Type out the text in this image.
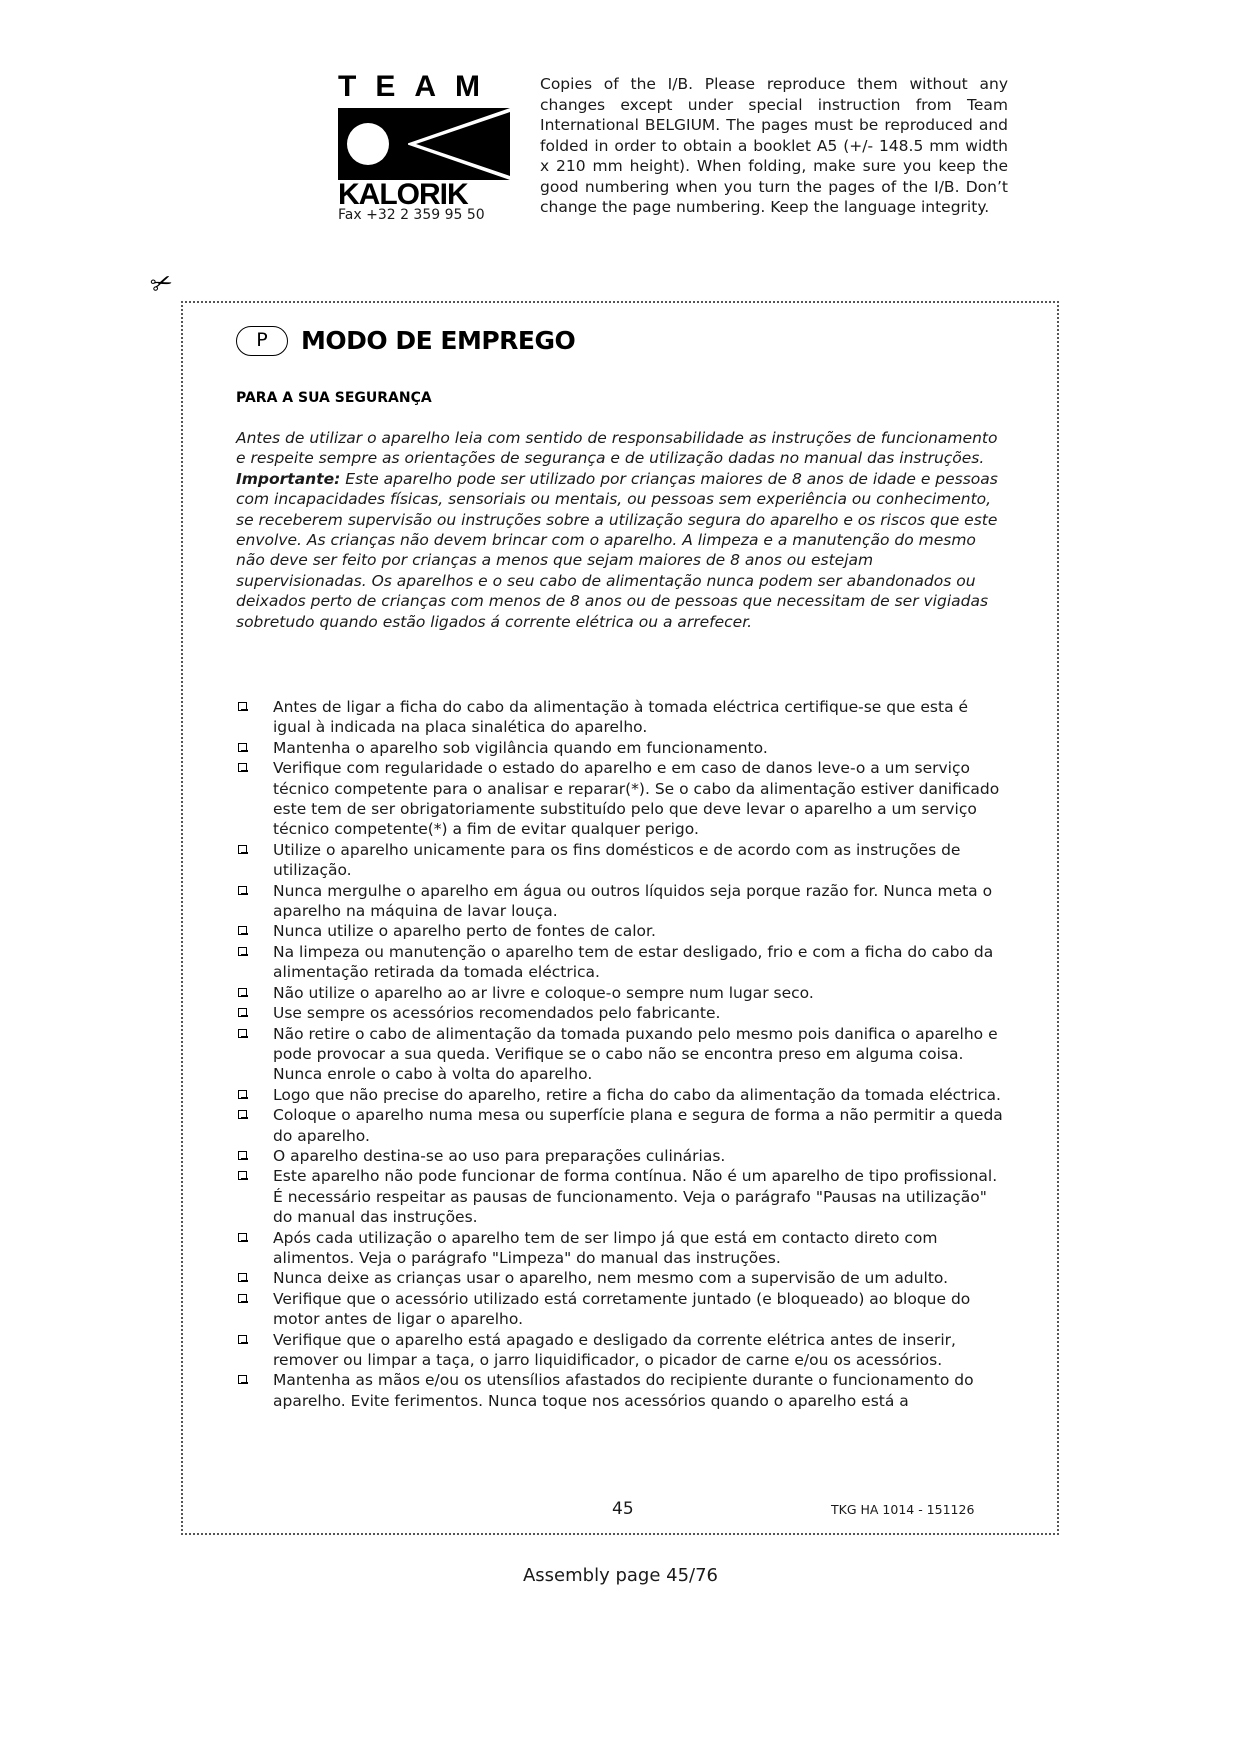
TEAM
KALORIK
Fax +32 2 359 95 50
Copies of the I/B. Please reproduce them without any changes except under special instruction from Team International BELGIUM. The pages must be reproduced and folded in order to obtain a booklet A5 (+/- 148.5 mm width x 210 mm height). When folding, make sure you keep the good numbering when you turn the pages of the I/B. Don’t change the page numbering. Keep the language integrity.
✂
P	MODO DE EMPREGO
PARA A SUA SEGURANÇA

Antes de utilizar o aparelho leia com sentido de responsabilidade as instruções de funcionamento e respeite sempre as orientações de segurança e de utilização dadas no manual das instruções.

Importante: Este aparelho pode ser utilizado por crianças maiores de 8 anos de idade e pessoas com incapacidades físicas, sensoriais ou mentais, ou pessoas sem experiência ou conhecimento, se receberem supervisão ou instruções sobre a utilização segura do aparelho e os riscos que este envolve. As crianças não devem brincar com o aparelho. A limpeza e a manutenção do mesmo não deve ser feito por crianças a menos que sejam maiores de 8 anos ou estejam supervisionadas. Os aparelhos e o seu cabo de alimentação nunca podem ser abandonados ou deixados perto de crianças com menos de 8 anos ou de pessoas que necessitam de ser vigiadas sobretudo quando estão ligados á corrente elétrica ou a arrefecer.

Antes de ligar a ficha do cabo da alimentação à tomada eléctrica certifique-se que esta é igual à indicada na placa sinalética do aparelho.
Mantenha o aparelho sob vigilância quando em funcionamento.
Verifique com regularidade o estado do aparelho e em caso de danos leve-o a um serviço técnico competente para o analisar e reparar(*). Se o cabo da alimentação estiver danificado este tem de ser obrigatoriamente substituído pelo que deve levar o aparelho a um serviço técnico competente(*) a fim de evitar qualquer perigo.
Utilize o aparelho unicamente para os fins domésticos e de acordo com as instruções de utilização.
Nunca mergulhe o aparelho em água ou outros líquidos seja porque razão for. Nunca meta o aparelho na máquina de lavar louça.
Nunca utilize o aparelho perto de fontes de calor.
Na limpeza ou manutenção o aparelho tem de estar desligado, frio e com a ficha do cabo da alimentação retirada da tomada eléctrica.
Não utilize o aparelho ao ar livre e coloque-o sempre num lugar seco.
Use sempre os acessórios recomendados pelo fabricante.
Não retire o cabo de alimentação da tomada puxando pelo mesmo pois danifica o aparelho e pode provocar a sua queda. Verifique se o cabo não se encontra preso em alguma coisa. Nunca enrole o cabo à volta do aparelho.
Logo que não precise do aparelho, retire a ficha do cabo da alimentação da tomada eléctrica.
Coloque o aparelho numa mesa ou superfície plana e segura de forma a não permitir a queda do aparelho.
O aparelho destina-se ao uso para preparações culinárias.
Este aparelho não pode funcionar de forma contínua. Não é um aparelho de tipo profissional. É necessário respeitar as pausas de funcionamento. Veja o parágrafo "Pausas na utilização" do manual das instruções.
Após cada utilização o aparelho tem de ser limpo já que está em contacto direto com alimentos. Veja o parágrafo "Limpeza" do manual das instruções.
Nunca deixe as crianças usar o aparelho, nem mesmo com a supervisão de um adulto.
Verifique que o acessório utilizado está corretamente juntado (e bloqueado) ao bloque do motor antes de ligar o aparelho.
Verifique que o aparelho está apagado e desligado da corrente elétrica antes de inserir, remover ou limpar a taça, o jarro liquidificador, o picador de carne e/ou os acessórios.
Mantenha as mãos e/ou os utensílios afastados do recipiente durante o funcionamento do aparelho. Evite ferimentos. Nunca toque nos acessórios quando o aparelho está a
45	TKG HA 1014 - 151126
Assembly page 45/76
